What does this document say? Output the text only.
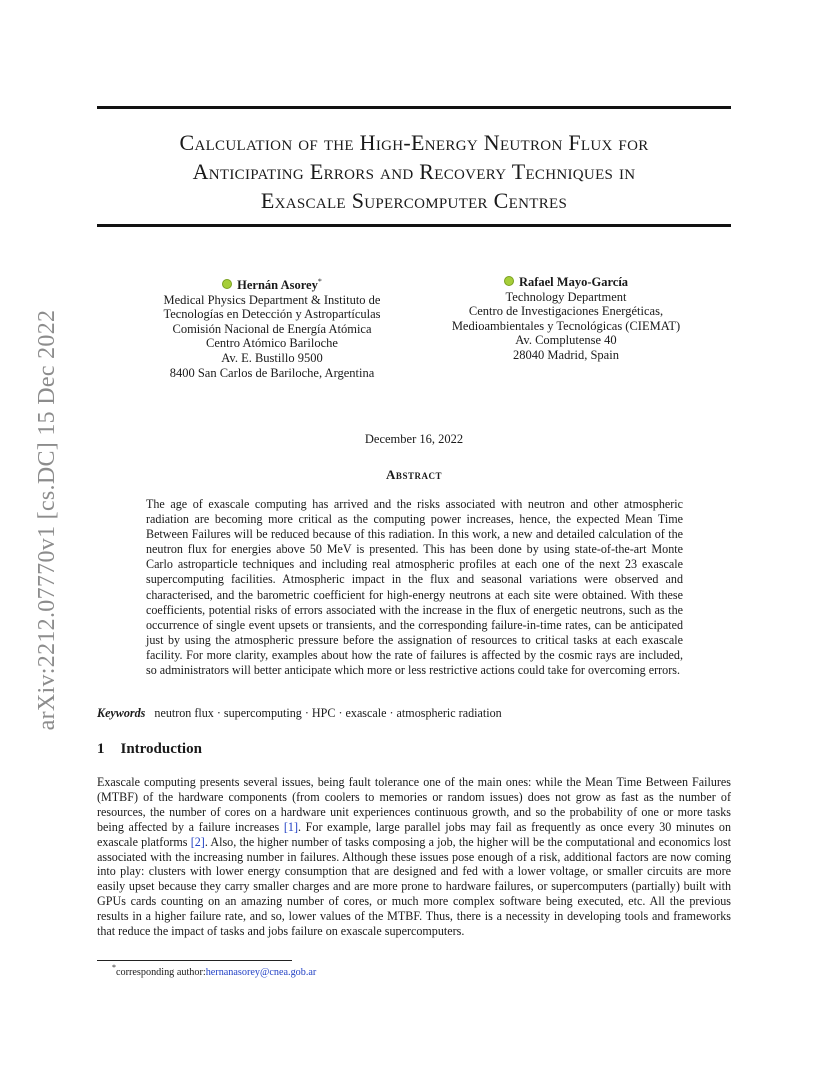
arXiv:2212.07770v1 [cs.DC] 15 Dec 2022
Calculation of the High-Energy Neutron Flux for
Anticipating Errors and Recovery Techniques in
Exascale Supercomputer Centres
Hernán Asorey*
Medical Physics Department & Instituto de
Tecnologías en Detección y Astropartículas
Comisión Nacional de Energía Atómica
Centro Atómico Bariloche
Av. E. Bustillo 9500
8400 San Carlos de Bariloche, Argentina
Rafael Mayo-García
Technology Department
Centro de Investigaciones Energéticas,
Medioambientales y Tecnológicas (CIEMAT)
Av. Complutense 40
28040 Madrid, Spain
December 16, 2022
Abstract
The age of exascale computing has arrived and the risks associated with neutron and other atmospheric radiation are becoming more critical as the computing power increases, hence, the expected Mean Time Between Failures will be reduced because of this radiation. In this work, a new and detailed calculation of the neutron flux for energies above 50 MeV is presented. This has been done by using state-of-the-art Monte Carlo astroparticle techniques and including real atmospheric profiles at each one of the next 23 exascale supercomputing facilities. Atmospheric impact in the flux and seasonal variations were observed and characterised, and the barometric coefficient for high-energy neutrons at each site were obtained. With these coefficients, potential risks of errors associated with the increase in the flux of energetic neutrons, such as the occurrence of single event upsets or transients, and the corresponding failure-in-time rates, can be anticipated just by using the atmospheric pressure before the assignation of resources to critical tasks at each exascale facility. For more clarity, examples about how the rate of failures is affected by the cosmic rays are included, so administrators will better anticipate which more or less restrictive actions could take for overcoming errors.
Keywords neutron flux · supercomputing · HPC · exascale · atmospheric radiation
1 Introduction
Exascale computing presents several issues, being fault tolerance one of the main ones: while the Mean Time Between Failures (MTBF) of the hardware components (from coolers to memories or random issues) does not grow as fast as the number of resources, the number of cores on a hardware unit experiences continuous growth, and so the probability of one or more tasks being affected by a failure increases [1]. For example, large parallel jobs may fail as frequently as once every 30 minutes on exascale platforms [2]. Also, the higher number of tasks composing a job, the higher will be the computational and economics lost associated with the increasing number in failures. Although these issues pose enough of a risk, additional factors are now coming into play: clusters with lower energy consumption that are designed and fed with a lower voltage, or smaller circuits are more easily upset because they carry smaller charges and are more prone to hardware failures, or supercomputers (partially) built with GPUs cards counting on an amazing number of cores, or much more complex software being executed, etc. All the previous results in a higher failure rate, and so, lower values of the MTBF. Thus, there is a necessity in developing tools and frameworks that reduce the impact of tasks and jobs failure on exascale supercomputers.
*corresponding author:hernanasorey@cnea.gob.ar
